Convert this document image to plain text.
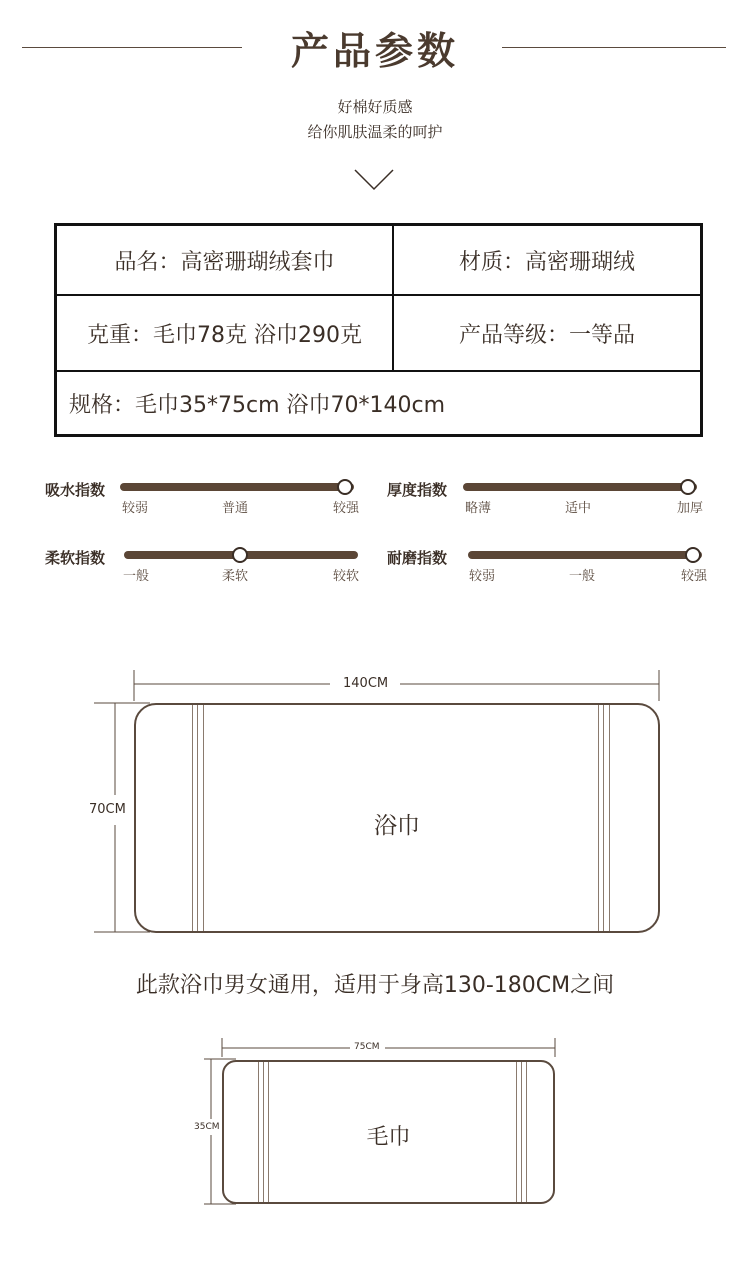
产品参数
好棉好质感
给你肌肤温柔的呵护
品名：高密珊瑚绒套巾	材质：高密珊瑚绒
克重：毛巾78克 浴巾290克	产品等级：一等品
规格：毛巾35*75cm 浴巾70*140cm
吸水指数
较弱	普通	较强
厚度指数
略薄	适中	加厚
柔软指数
一般	柔软	较软
耐磨指数
较弱	一般	较强
140CM
70CM
浴巾
此款浴巾男女通用，适用于身高130-180CM之间
75CM
35CM	毛巾
